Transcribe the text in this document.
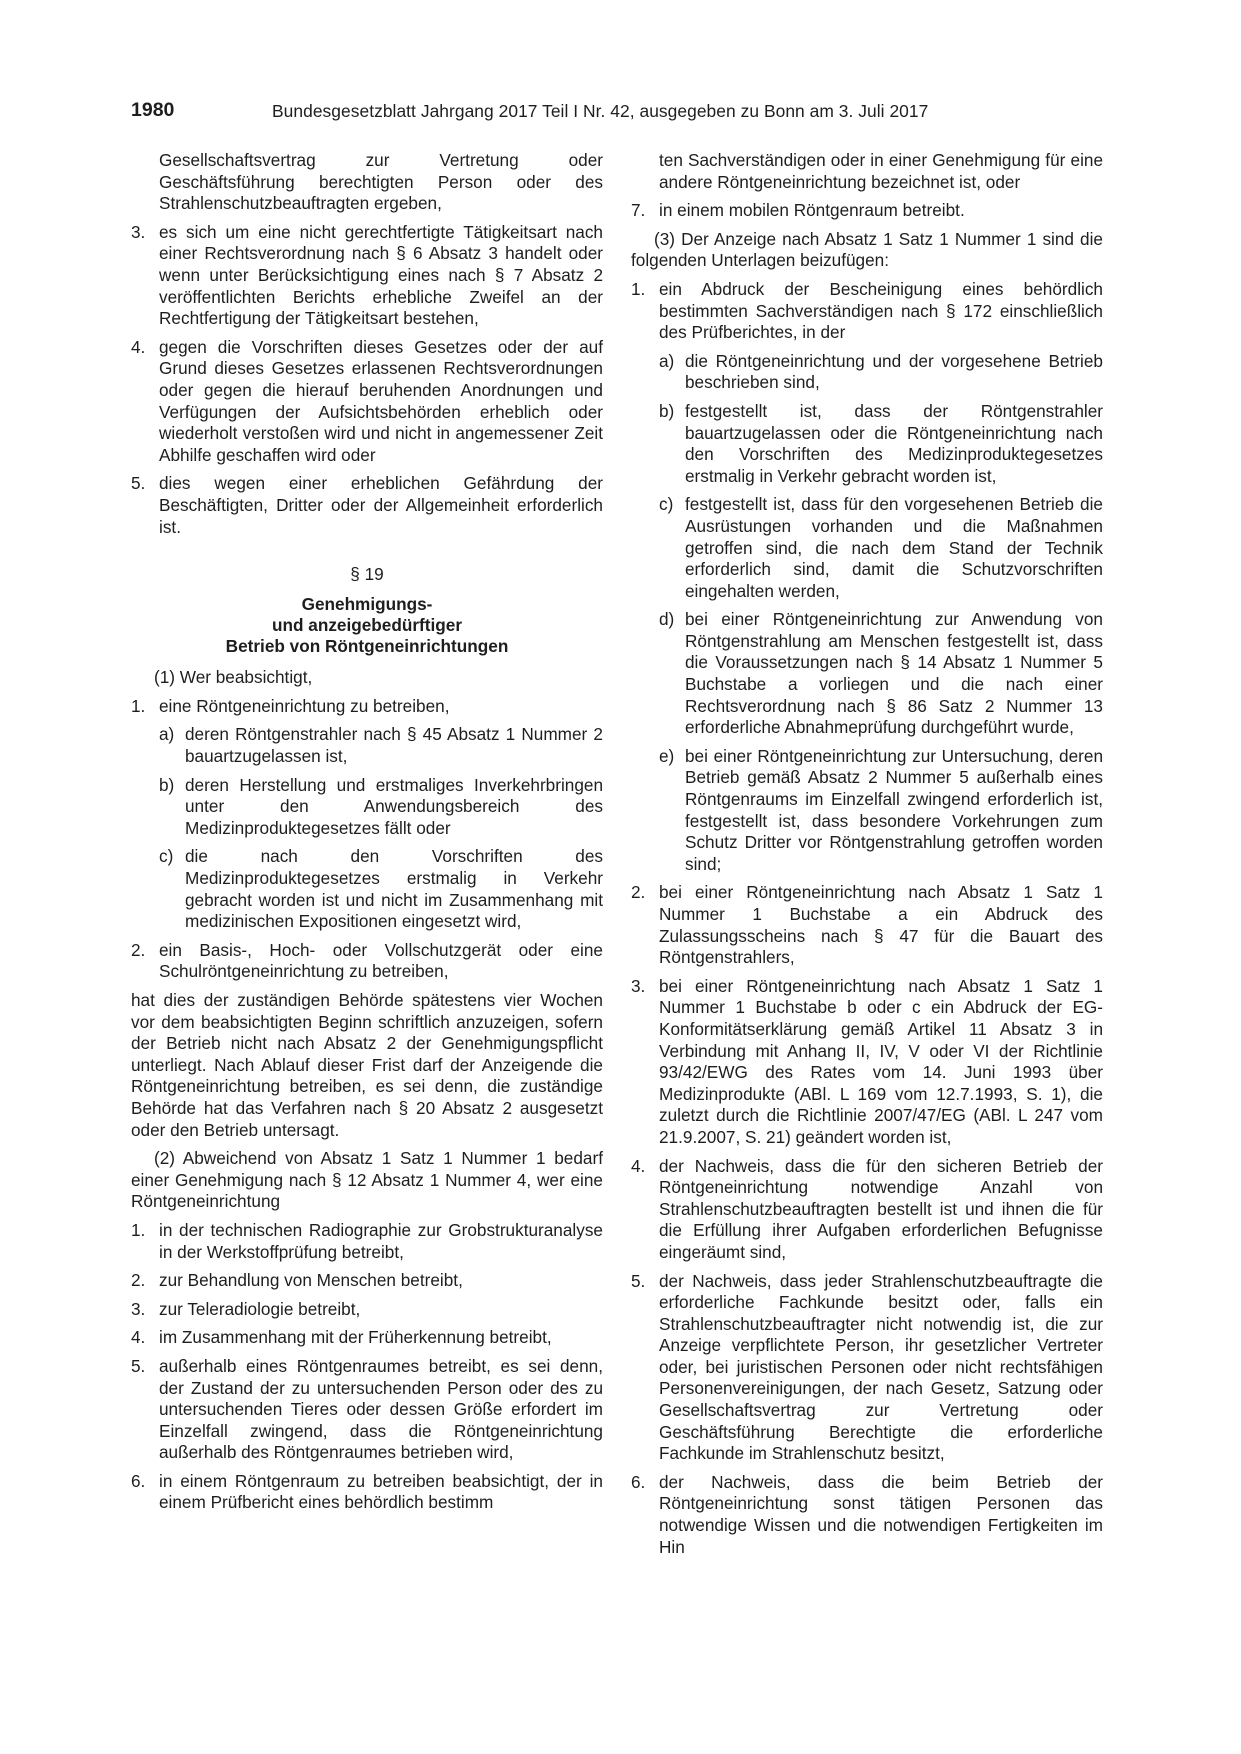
1980	Bundesgesetzblatt Jahrgang 2017 Teil I Nr. 42, ausgegeben zu Bonn am 3. Juli 2017

Gesellschaftsvertrag zur Vertretung oder Geschäftsführung berechtigten Person oder des Strahlenschutzbeauftragten ergeben,

3. es sich um eine nicht gerechtfertigte Tätigkeitsart nach einer Rechtsverordnung nach § 6 Absatz 3 handelt oder wenn unter Berücksichtigung eines nach § 7 Absatz 2 veröffentlichten Berichts erhebliche Zweifel an der Rechtfertigung der Tätigkeitsart bestehen,

4. gegen die Vorschriften dieses Gesetzes oder der auf Grund dieses Gesetzes erlassenen Rechtsverordnungen oder gegen die hierauf beruhenden Anordnungen und Verfügungen der Aufsichtsbehörden erheblich oder wiederholt verstoßen wird und nicht in angemessener Zeit Abhilfe geschaffen wird oder

5. dies wegen einer erheblichen Gefährdung der Beschäftigten, Dritter oder der Allgemeinheit erforderlich ist.

§ 19
Genehmigungs-
und anzeigebedürftiger
Betrieb von Röntgeneinrichtungen

(1) Wer beabsichtigt,

1. eine Röntgeneinrichtung zu betreiben,

a) deren Röntgenstrahler nach § 45 Absatz 1 Nummer 2 bauartzugelassen ist,

b) deren Herstellung und erstmaliges Inverkehrbringen unter den Anwendungsbereich des Medizinproduktegesetzes fällt oder

c) die nach den Vorschriften des Medizinproduktegesetzes erstmalig in Verkehr gebracht worden ist und nicht im Zusammenhang mit medizinischen Expositionen eingesetzt wird,

2. ein Basis-, Hoch- oder Vollschutzgerät oder eine Schulröntgeneinrichtung zu betreiben,

hat dies der zuständigen Behörde spätestens vier Wochen vor dem beabsichtigten Beginn schriftlich anzuzeigen, sofern der Betrieb nicht nach Absatz 2 der Genehmigungspflicht unterliegt. Nach Ablauf dieser Frist darf der Anzeigende die Röntgeneinrichtung betreiben, es sei denn, die zuständige Behörde hat das Verfahren nach § 20 Absatz 2 ausgesetzt oder den Betrieb untersagt.

(2) Abweichend von Absatz 1 Satz 1 Nummer 1 bedarf einer Genehmigung nach § 12 Absatz 1 Nummer 4, wer eine Röntgeneinrichtung

1. in der technischen Radiographie zur Grobstrukturanalyse in der Werkstoffprüfung betreibt,

2. zur Behandlung von Menschen betreibt,

3. zur Teleradiologie betreibt,

4. im Zusammenhang mit der Früherkennung betreibt,

5. außerhalb eines Röntgenraumes betreibt, es sei denn, der Zustand der zu untersuchenden Person oder des zu untersuchenden Tieres oder dessen Größe erfordert im Einzelfall zwingend, dass die Röntgeneinrichtung außerhalb des Röntgenraumes betrieben wird,

6. in einem Röntgenraum zu betreiben beabsichtigt, der in einem Prüfbericht eines behördlich bestimm

ten Sachverständigen oder in einer Genehmigung für eine andere Röntgeneinrichtung bezeichnet ist, oder

7. in einem mobilen Röntgenraum betreibt.

(3) Der Anzeige nach Absatz 1 Satz 1 Nummer 1 sind die folgenden Unterlagen beizufügen:

1. ein Abdruck der Bescheinigung eines behördlich bestimmten Sachverständigen nach § 172 einschließlich des Prüfberichtes, in der

a) die Röntgeneinrichtung und der vorgesehene Betrieb beschrieben sind,

b) festgestellt ist, dass der Röntgenstrahler bauartzugelassen oder die Röntgeneinrichtung nach den Vorschriften des Medizinproduktegesetzes erstmalig in Verkehr gebracht worden ist,

c) festgestellt ist, dass für den vorgesehenen Betrieb die Ausrüstungen vorhanden und die Maßnahmen getroffen sind, die nach dem Stand der Technik erforderlich sind, damit die Schutzvorschriften eingehalten werden,

d) bei einer Röntgeneinrichtung zur Anwendung von Röntgenstrahlung am Menschen festgestellt ist, dass die Voraussetzungen nach § 14 Absatz 1 Nummer 5 Buchstabe a vorliegen und die nach einer Rechtsverordnung nach § 86 Satz 2 Nummer 13 erforderliche Abnahmeprüfung durchgeführt wurde,

e) bei einer Röntgeneinrichtung zur Untersuchung, deren Betrieb gemäß Absatz 2 Nummer 5 außerhalb eines Röntgenraums im Einzelfall zwingend erforderlich ist, festgestellt ist, dass besondere Vorkehrungen zum Schutz Dritter vor Röntgenstrahlung getroffen worden sind;

2. bei einer Röntgeneinrichtung nach Absatz 1 Satz 1 Nummer 1 Buchstabe a ein Abdruck des Zulassungsscheins nach § 47 für die Bauart des Röntgenstrahlers,

3. bei einer Röntgeneinrichtung nach Absatz 1 Satz 1 Nummer 1 Buchstabe b oder c ein Abdruck der EG-Konformitätserklärung gemäß Artikel 11 Absatz 3 in Verbindung mit Anhang II, IV, V oder VI der Richtlinie 93/42/EWG des Rates vom 14. Juni 1993 über Medizinprodukte (ABl. L 169 vom 12.7.1993, S. 1), die zuletzt durch die Richtlinie 2007/47/EG (ABl. L 247 vom 21.9.2007, S. 21) geändert worden ist,

4. der Nachweis, dass die für den sicheren Betrieb der Röntgeneinrichtung notwendige Anzahl von Strahlenschutzbeauftragten bestellt ist und ihnen die für die Erfüllung ihrer Aufgaben erforderlichen Befugnisse eingeräumt sind,

5. der Nachweis, dass jeder Strahlenschutzbeauftragte die erforderliche Fachkunde besitzt oder, falls ein Strahlenschutzbeauftragter nicht notwendig ist, die zur Anzeige verpflichtete Person, ihr gesetzlicher Vertreter oder, bei juristischen Personen oder nicht rechtsfähigen Personenvereinigungen, der nach Gesetz, Satzung oder Gesellschaftsvertrag zur Vertretung oder Geschäftsführung Berechtigte die erforderliche Fachkunde im Strahlenschutz besitzt,

6. der Nachweis, dass die beim Betrieb der Röntgeneinrichtung sonst tätigen Personen das notwendige Wissen und die notwendigen Fertigkeiten im Hin
